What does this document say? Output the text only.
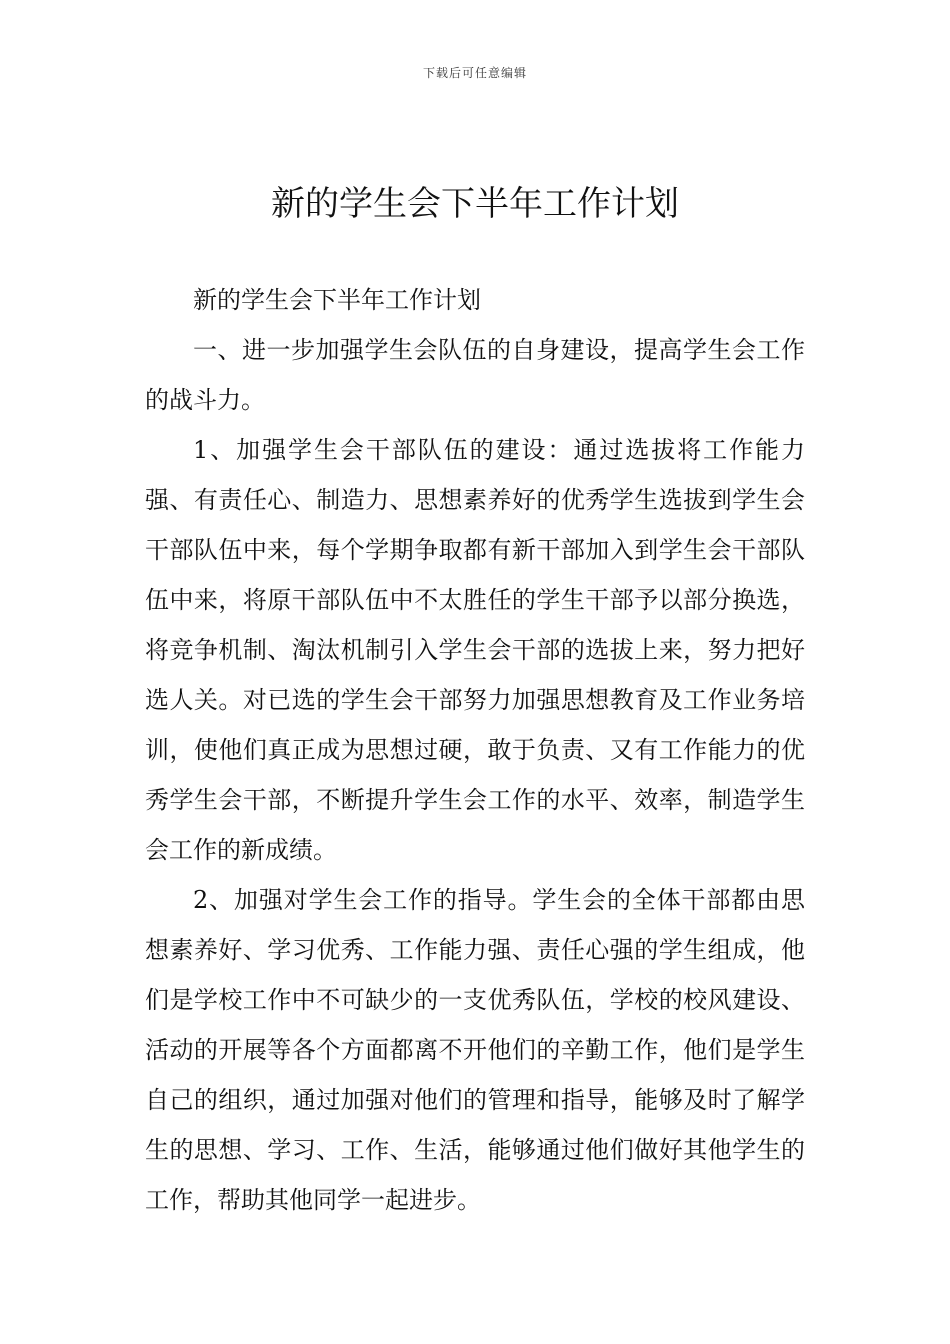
下载后可任意编辑
新的学生会下半年工作计划

新的学生会下半年工作计划

一、进一步加强学生会队伍的自身建设，提高学生会工作的战斗力。

1、加强学生会干部队伍的建设：通过选拔将工作能力强、有责任心、制造力、思想素养好的优秀学生选拔到学生会干部队伍中来，每个学期争取都有新干部加入到学生会干部队伍中来，将原干部队伍中不太胜任的学生干部予以部分换选，将竞争机制、淘汰机制引入学生会干部的选拔上来，努力把好选人关。对已选的学生会干部努力加强思想教育及工作业务培训，使他们真正成为思想过硬，敢于负责、又有工作能力的优秀学生会干部，不断提升学生会工作的水平、效率，制造学生会工作的新成绩。

2、加强对学生会工作的指导。学生会的全体干部都由思想素养好、学习优秀、工作能力强、责任心强的学生组成，他们是学校工作中不可缺少的一支优秀队伍，学校的校风建设、活动的开展等各个方面都离不开他们的辛勤工作，他们是学生自己的组织，通过加强对他们的管理和指导，能够及时了解学生的思想、学习、工作、生活，能够通过他们做好其他学生的工作，帮助其他同学一起进步。
